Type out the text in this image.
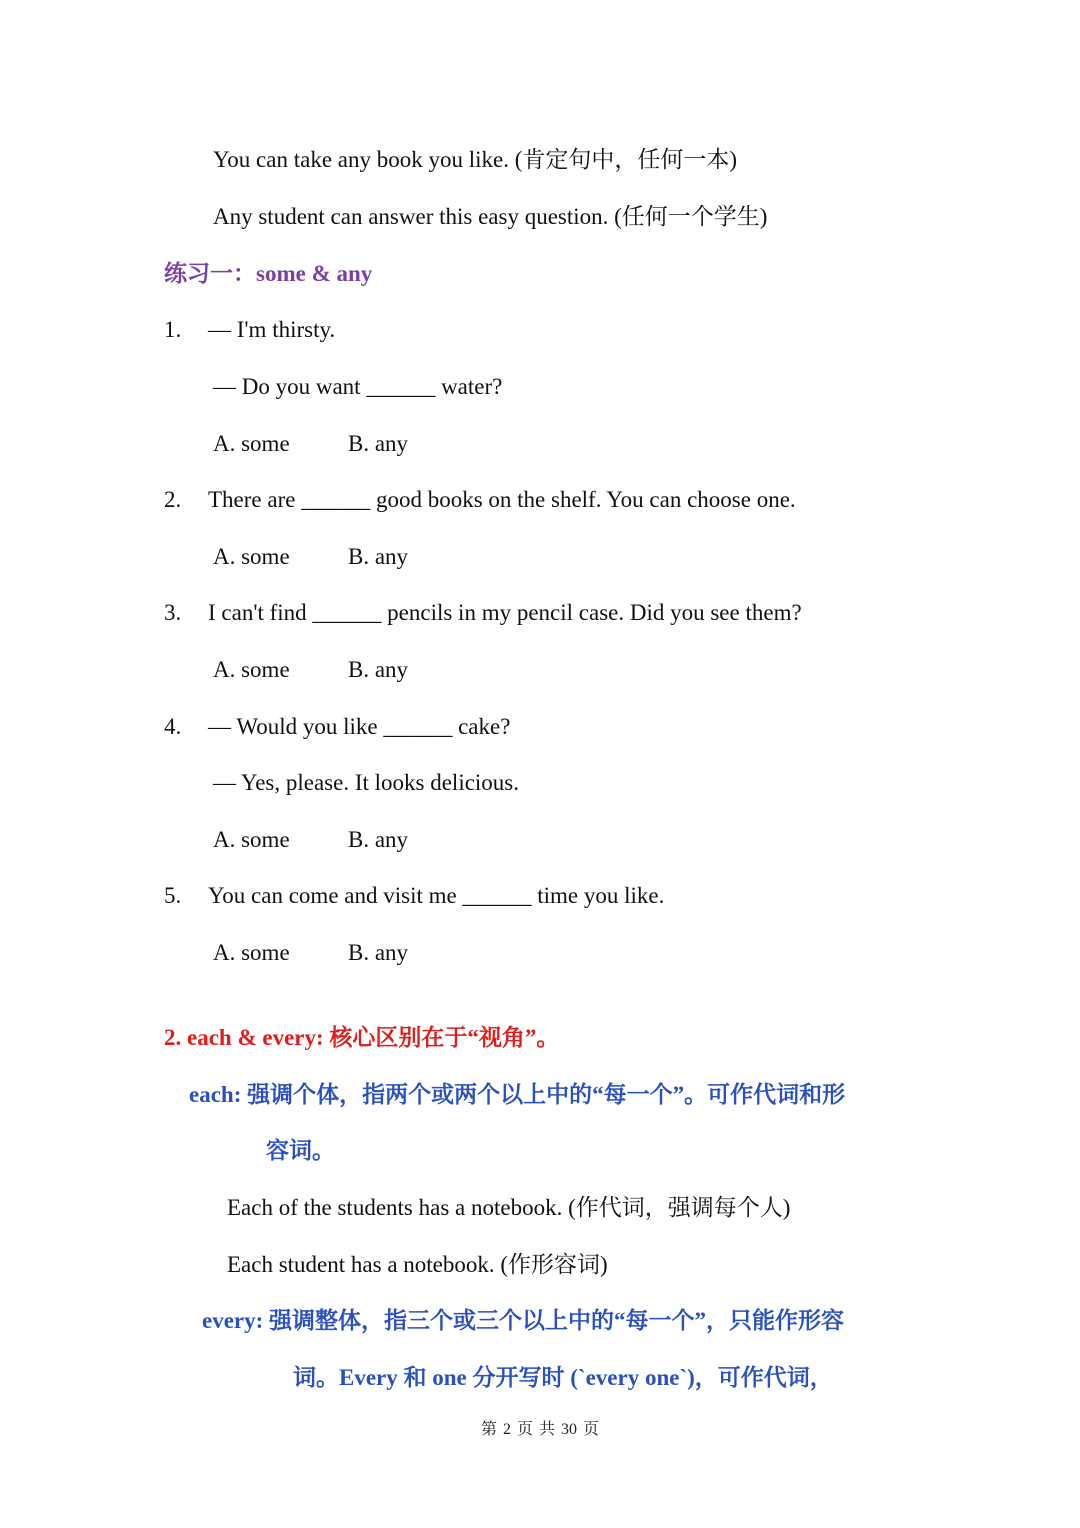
You can take any book you like. (肯定句中，任何一本)
Any student can answer this easy question. (任何一个学生)
练习一：some & any
1. — I'm thirsty.
— Do you want ______ water?
A. some	B. any
2. There are ______ good books on the shelf. You can choose one.
A. some	B. any
3. I can't find ______ pencils in my pencil case. Did you see them?
A. some	B. any
4. — Would you like ______ cake?
— Yes, please. It looks delicious.
A. some	B. any
5. You can come and visit me ______ time you like.
A. some	B. any
2. each & every: 核心区别在于“视角”。
each: 强调个体，指两个或两个以上中的“每一个”。可作代词和形
容词。
Each of the students has a notebook. (作代词，强调每个人)
Each student has a notebook. (作形容词)
every: 强调整体，指三个或三个以上中的“每一个”，只能作形容
词。Every 和 one 分开写时 (`every one`)，可作代词，
第 2 页 共 30 页
